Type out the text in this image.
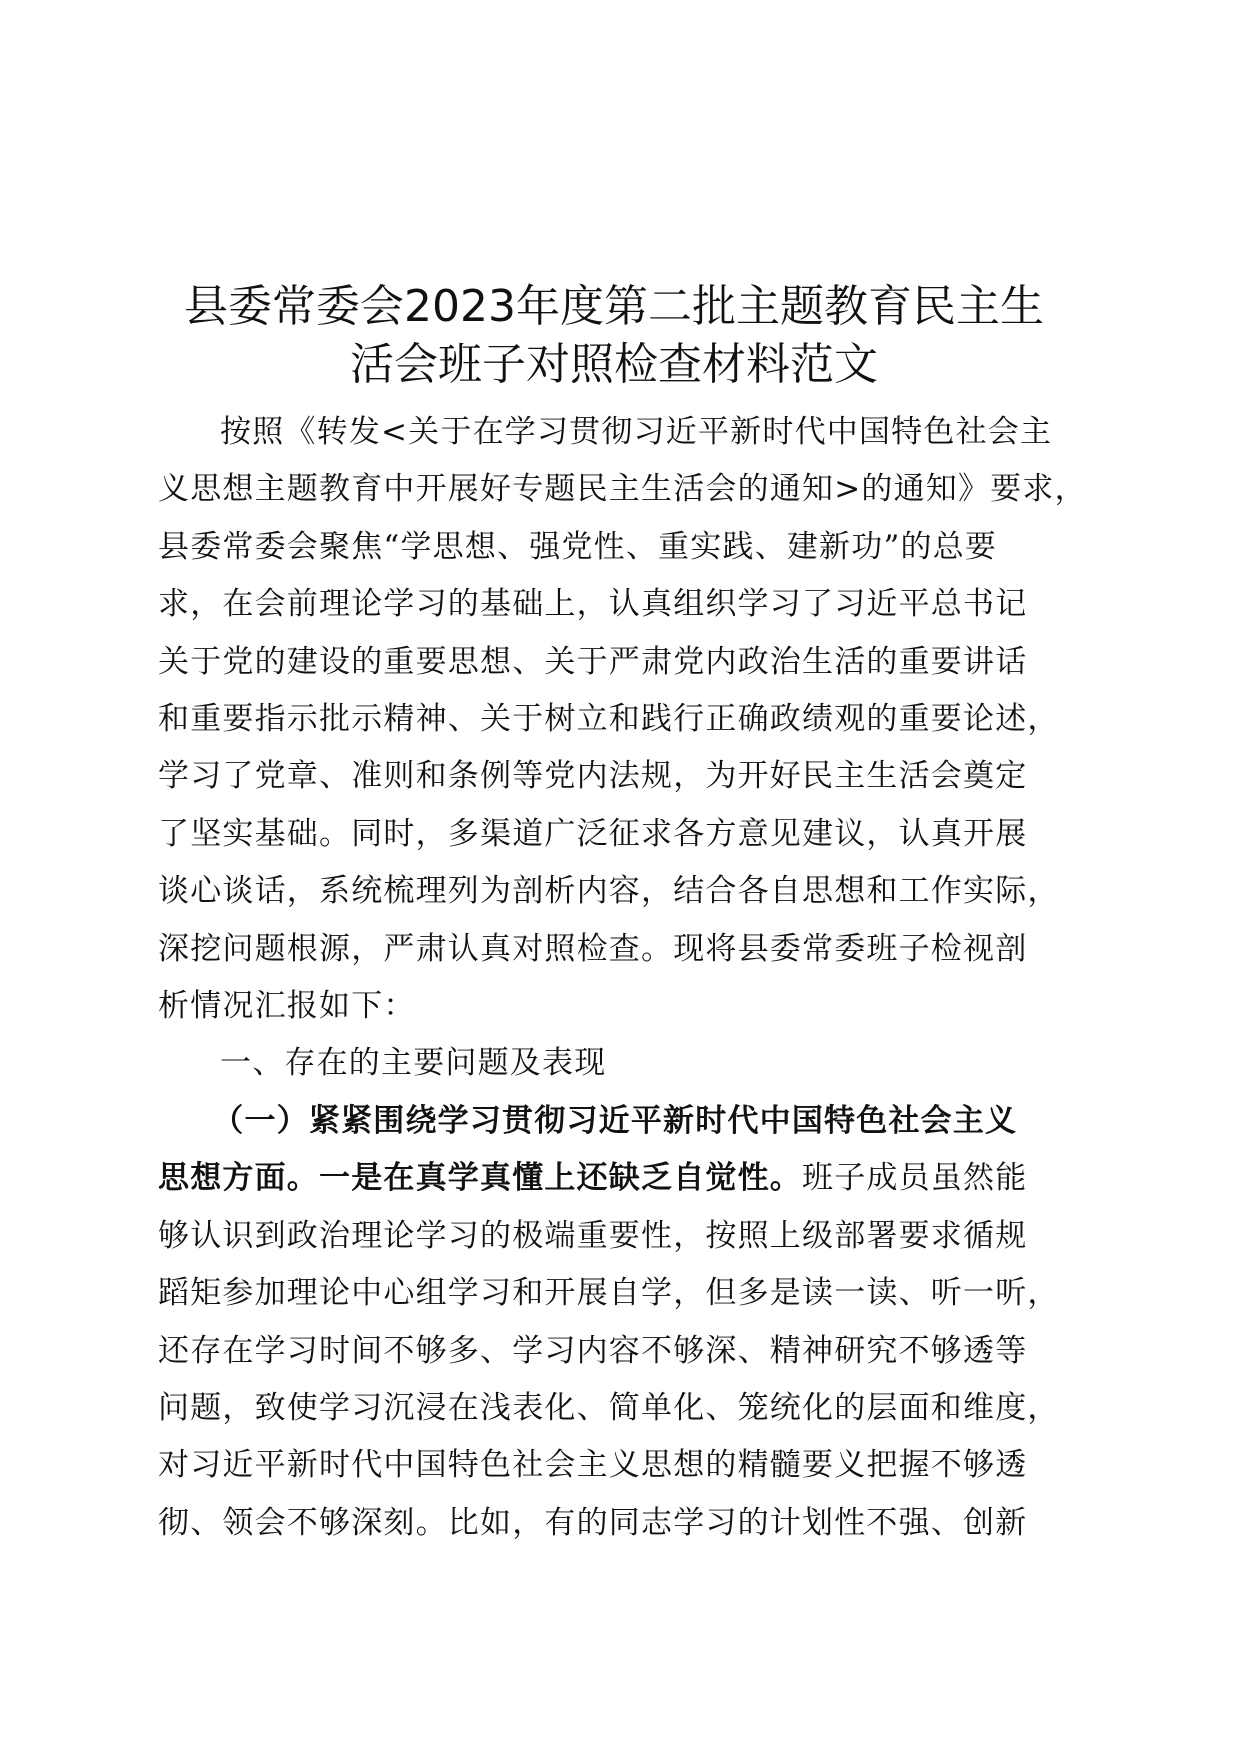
县委常委会2023年度第二批主题教育民主生
活会班子对照检查材料范文

按照《转发<关于在学习贯彻习近平新时代中国特色社会主
义思想主题教育中开展好专题民主生活会的通知>的通知》要求，
县委常委会聚焦“学思想、强党性、重实践、建新功”的总要
求，在会前理论学习的基础上，认真组织学习了习近平总书记
关于党的建设的重要思想、关于严肃党内政治生活的重要讲话
和重要指示批示精神、关于树立和践行正确政绩观的重要论述，
学习了党章、准则和条例等党内法规，为开好民主生活会奠定
了坚实基础。同时，多渠道广泛征求各方意见建议，认真开展
谈心谈话，系统梳理列为剖析内容，结合各自思想和工作实际，
深挖问题根源，严肃认真对照检查。现将县委常委班子检视剖
析情况汇报如下：

一、存在的主要问题及表现

（一）紧紧围绕学习贯彻习近平新时代中国特色社会主义
思想方面。一是在真学真懂上还缺乏自觉性。班子成员虽然能
够认识到政治理论学习的极端重要性，按照上级部署要求循规
蹈矩参加理论中心组学习和开展自学，但多是读一读、听一听，
还存在学习时间不够多、学习内容不够深、精神研究不够透等
问题，致使学习沉浸在浅表化、简单化、笼统化的层面和维度，
对习近平新时代中国特色社会主义思想的精髓要义把握不够透
彻、领会不够深刻。比如，有的同志学习的计划性不强、创新
